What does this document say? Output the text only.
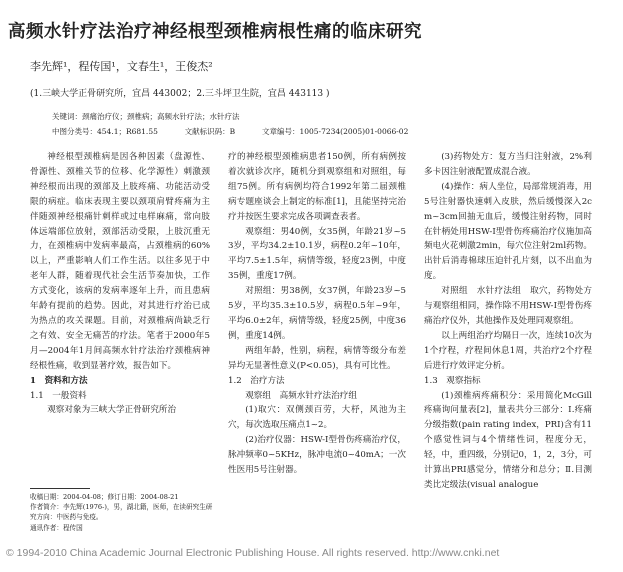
高频水针疗法治疗神经根型颈椎病根性痛的临床研究
李先辉¹，程传国¹，文春生¹，王俊杰²
(1.三峡大学正骨研究所，宜昌 443002；2.三斗坪卫生院，宜昌 443113 )
关键词：颈痛治疗仪；颈椎病；高频水针疗法；水针疗法
中图分类号：454.1；R681.55	文献标识码：B	文章编号：1005-7234(2005)01-0066-02

神经根型颈椎病是因各种因素（盘源性、骨源性、颈椎关节的位移、化学源性）刺激颈神经根而出现的颈部及上肢疼痛、功能活动受限的病症。临床表现主要以颈项肩臂疼痛为主伴随颈神经根痛针刺样或过电样麻痛，常向肢体远端部位放射，颈部活动受限，上肢沉重无力，在颈椎病中发病率最高，占颈椎病的60%以上，严重影响人们工作生活。以往多见于中老年人群，随着现代社会生活节奏加快，工作方式变化，该病的发病率逐年上升，而且患病年龄有提前的趋势。因此，对其进行疗治已成为热点的攻关课题。目前，对颈椎病尚缺乏行之有效、安全无痛苦的疗法。笔者于2000年5月—2004年1月间高频水针疗法治疗颈椎病神经根性痛，收到显著疗效，报告如下。

1　资料和方法

1.1　一般资料

观察对象为三峡大学正骨研究所治

疗的神经根型颈椎病患者150例，所有病例按着次就诊次序，随机分到观察组和对照组，每组75例。所有病例均符合1992年第二届颈椎病专题座谈会上制定的标准[1]，且能坚持完治疗并按医生要求完成各项调查表者。

观察组：男40例，女35例，年龄21岁~53岁，平均34.2±10.1岁，病程0.2年~10年，平均7.5±1.5年，病情等级，轻度23例，中度35例，重度17例。

对照组：男38例，女37例，年龄23岁~55岁，平均35.3±10.5岁，病程0.5年~9年，平均6.0±2年，病情等级，轻度25例，中度36例，重度14例。

两组年龄，性别，病程，病情等级分布差异均无显著性意义(P<0.05)，具有可比性。

1.2　治疗方法

观察组　高频水针疗法治疗组

(1)取穴：双侧颈百劳，大杼，风池为主穴，每次选取压痛点1~2。

(2)治疗仪器：HSW-Ⅰ型骨伤疼痛治疗仪，脉冲频率0~5KHz，脉冲电流0~40mA；一次性医用5号注射器。

(3)药物处方：复方当归注射液，2%利多卡因注射液配置成混合液。

(4)操作：病人坐位，局部常规消毒，用5号注射器快速刺入皮肤，然后缓慢深入2cm~3cm回抽无血后，缓慢注射药物，同时在针柄处用HSW-Ⅰ型骨伤疼痛治疗仪施加高频电火花刺激2min，每穴位注射2ml药物。出针后消毒棉球压迫针孔片刻，以不出血为度。

对照组　水针疗法组　取穴，药物处方与观察组相同，操作除不用HSW-Ⅰ型骨伤疼痛治疗仪外，其他操作及处理同观察组。

以上两组治疗均隔日一次，连续10次为1个疗程，疗程间休息1周，共治疗2个疗程后进行疗效评定分析。

1.3　观察指标

(1)颈椎病疼痛积分：采用简化McGill疼痛询问量表[2]，量表共分三部分：Ⅰ.疼痛分级指数(pain rating index，PRI)含有11个感觉性词与4个情绪性词，程度分无，轻，中，重四级，分别记0，1，2，3分，可计算出PRI感觉分，情绪分和总分；Ⅱ.目测类比定级法(visual analogue

收稿日期：2004-04-08；修订日期：2004-08-21
作者简介：李先辉(1976-)，男，湖北籍，医师，在读研究生研究方向：中医药与免疫。
通讯作者：程传国
© 1994-2010 China Academic Journal Electronic Publishing House. All rights reserved. http://www.cnki.net
